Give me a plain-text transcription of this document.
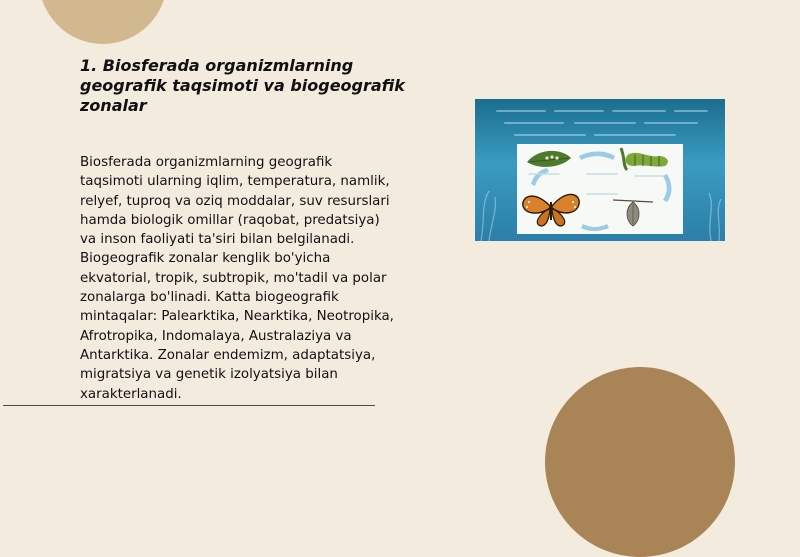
1. Biosferada organizmlarning geografik taqsimoti va biogeografik zonalar

Biosferada organizmlarning geografik taqsimoti ularning iqlim, temperatura, namlik, relyef, tuproq va oziq moddalar, suv resurslari hamda biologik omillar (raqobat, predatsiya) va inson faoliyati ta'siri bilan belgilanadi. Biogeografik zonalar kenglik bo'yicha ekvatorial, tropik, subtropik, mo'tadil va polar zonalarga bo'linadi. Katta biogeografik mintaqalar: Palearktika, Nearktika, Neotropika, Afrotropika, Indomalaya, Australaziya va Antarktika. Zonalar endemizm, adaptatsiya, migratsiya va genetik izolyatsiya bilan xarakterlanadi.
